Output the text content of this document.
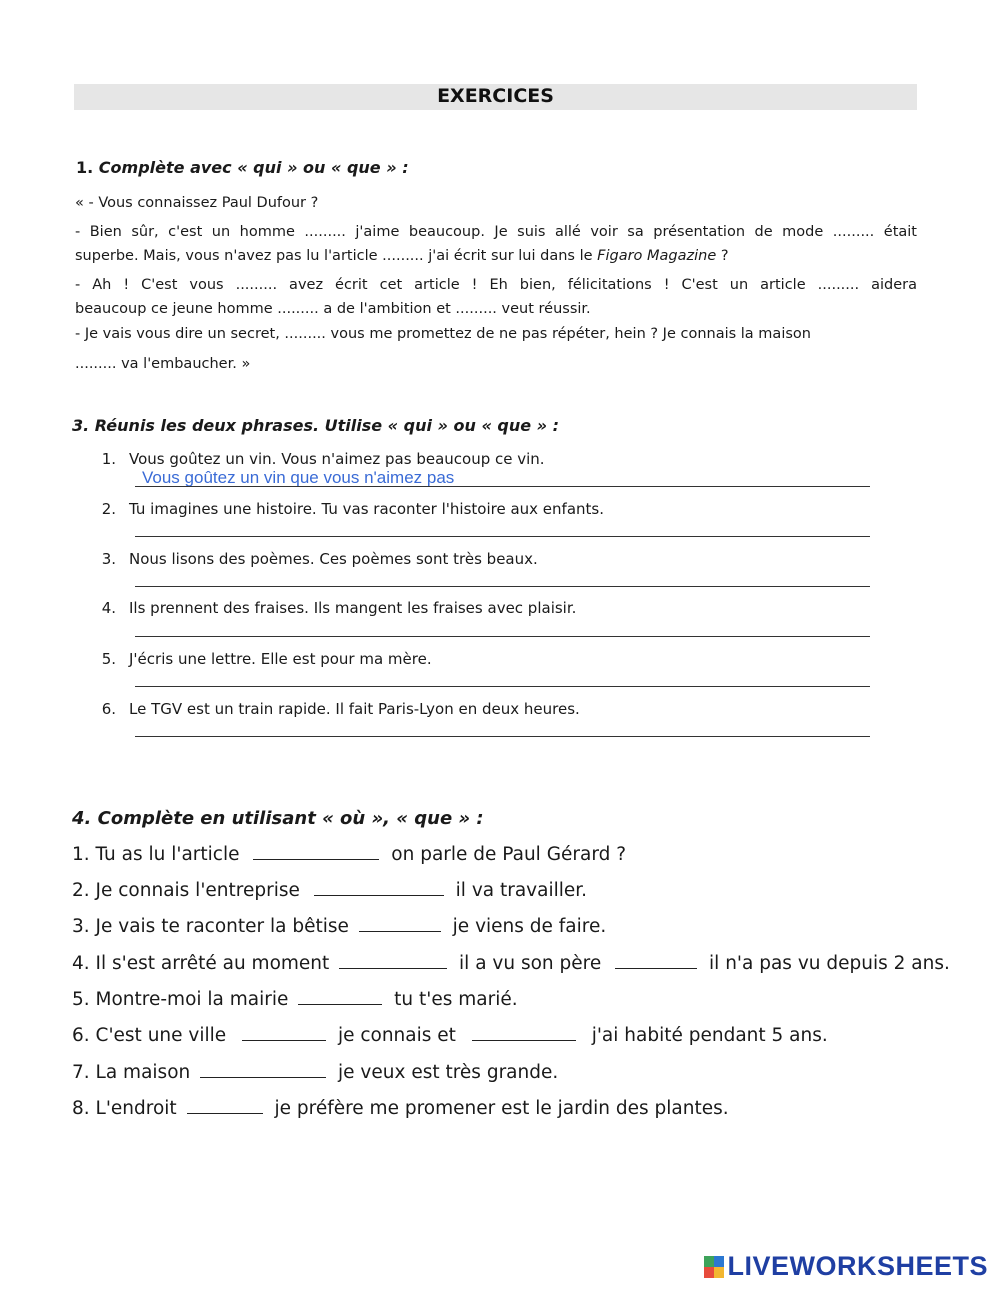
EXERCICES
1. Complète avec « qui » ou « que » :
« - Vous connaissez Paul Dufour ?
- Bien sûr, c'est un homme ......... j'aime beaucoup. Je suis allé voir sa présentation de mode ......... était
superbe. Mais, vous n'avez pas lu l'article ......... j'ai écrit sur lui dans le Figaro Magazine ?
- Ah ! C'est vous ......... avez écrit cet article ! Eh bien, félicitations ! C'est un article ......... aidera
beaucoup ce jeune homme ......... a de l'ambition et ......... veut réussir.
- Je vais vous dire un secret, ......... vous me promettez de ne pas répéter, hein ? Je connais la maison
......... va l'embaucher. »
3. Réunis les deux phrases. Utilise « qui » ou « que » :
1. Vous goûtez un vin. Vous n'aimez pas beaucoup ce vin.
Vous goûtez un vin que vous n'aimez pas
2. Tu imagines une histoire. Tu vas raconter l'histoire aux enfants.
3. Nous lisons des poèmes. Ces poèmes sont très beaux.
4. Ils prennent des fraises. Ils mangent les fraises avec plaisir.
5. J'écris une lettre. Elle est pour ma mère.
6. Le TGV est un train rapide. Il fait Paris-Lyon en deux heures.
4. Complète en utilisant « où », « que » :
1. Tu as lu l'article	on parle de Paul Gérard ?
2. Je connais l'entreprise	il va travailler.
3. Je vais te raconter la bêtise	je viens de faire.
4. Il s'est arrêté au moment	il a vu son père	il n'a pas vu depuis 2 ans.
5. Montre-moi la mairie	tu t'es marié.
6. C'est une ville	je connais et	j'ai habité pendant 5 ans.
7. La maison	je veux est très grande.
8. L'endroit	je préfère me promener est le jardin des plantes.
LIVEWORKSHEETS
